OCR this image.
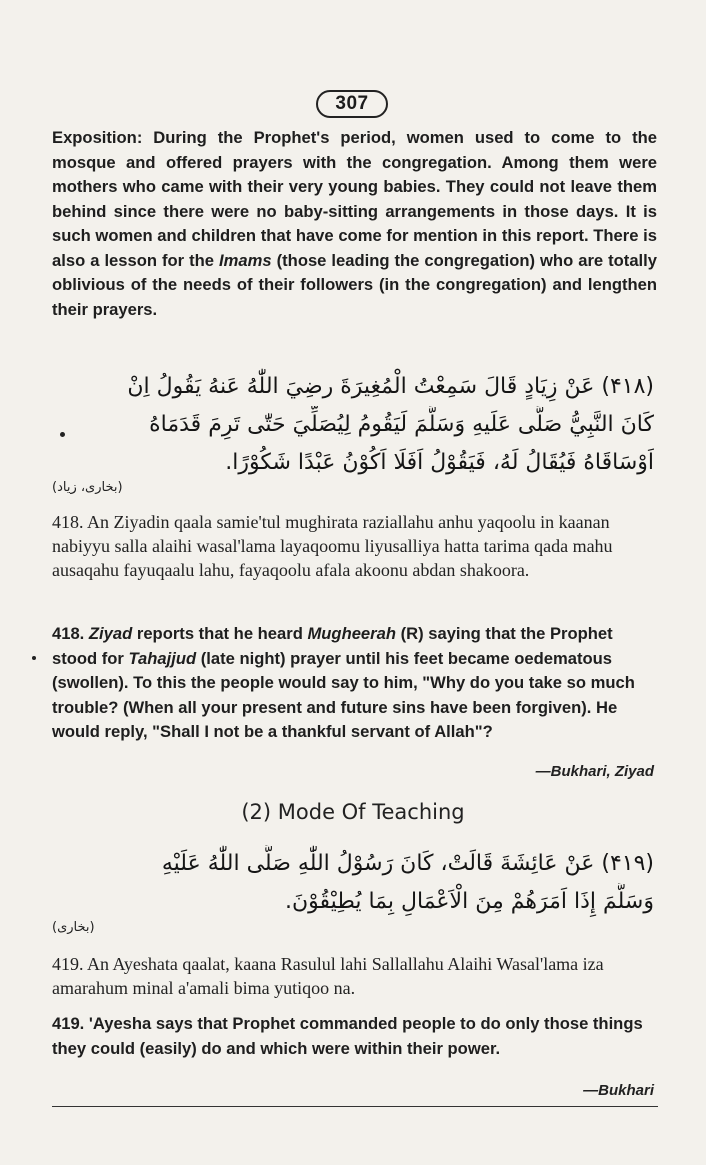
307
Exposition: During the Prophet's period, women used to come to the mosque and offered prayers with the congregation. Among them were mothers who came with their very young babies. They could not leave them behind since there were no baby-sitting arrangements in those days. It is such women and children that have come for mention in this report. There is also a lesson for the Imams (those leading the congregation) who are totally oblivious of the needs of their followers (in the congregation) and lengthen their prayers.
(۴۱۸) عَنْ زِيَادٍ قَالَ سَمِعْتُ الْمُغِيرَةَ رضِيَ اللّٰهُ عَنهُ يَقُولُ اِنْ
كَانَ النَّبِيُّ صَلَّى عَلَيهِ وَسَلَّمَ لَيَقُومُ لِيُصَلِّيَ حَتّٰى تَرِمَ قَدَمَاهُ
اَوْسَاقَاهُ فَيُقَالُ لَهُ، فَيَقُوْلُ اَفَلَا اَكُوْنُ عَبْدًا شَكُوْرًا.
(بخاری، زیاد)
418. An Ziyadin qaala samie'tul mughirata raziallahu anhu yaqoolu in kaanan nabiyyu salla alaihi wasal'lama layaqoomu liyusalliya hatta tarima qada mahu ausaqahu fayuqaalu lahu, fayaqoolu afala akoonu abdan shakoora.
418. Ziyad reports that he heard Mugheerah (R) saying that the Prophet stood for Tahajjud (late night) prayer until his feet became oedematous (swollen). To this the people would say to him, "Why do you take so much trouble? (When all your present and future sins have been forgiven). He would reply, "Shall I not be a thankful servant of Allah"?
—Bukhari, Ziyad
(2) Mode Of Teaching
(۴۱۹) عَنْ عَائِشَةَ قَالَتْ، كَانَ رَسُوْلُ اللّٰهِ صَلَّى اللّٰهُ عَلَيْهِ
وَسَلَّمَ إِذَا اَمَرَهُمْ مِنَ الْاَعْمَالِ بِمَا يُطِيْقُوْنَ.
(بخاری)
419. An Ayeshata qaalat, kaana Rasulul lahi Sallallahu Alaihi Wasal'lama iza amarahum minal a'amali bima yutiqoo na.
419. 'Ayesha says that Prophet commanded people to do only those things they could (easily) do and which were within their power.
—Bukhari
